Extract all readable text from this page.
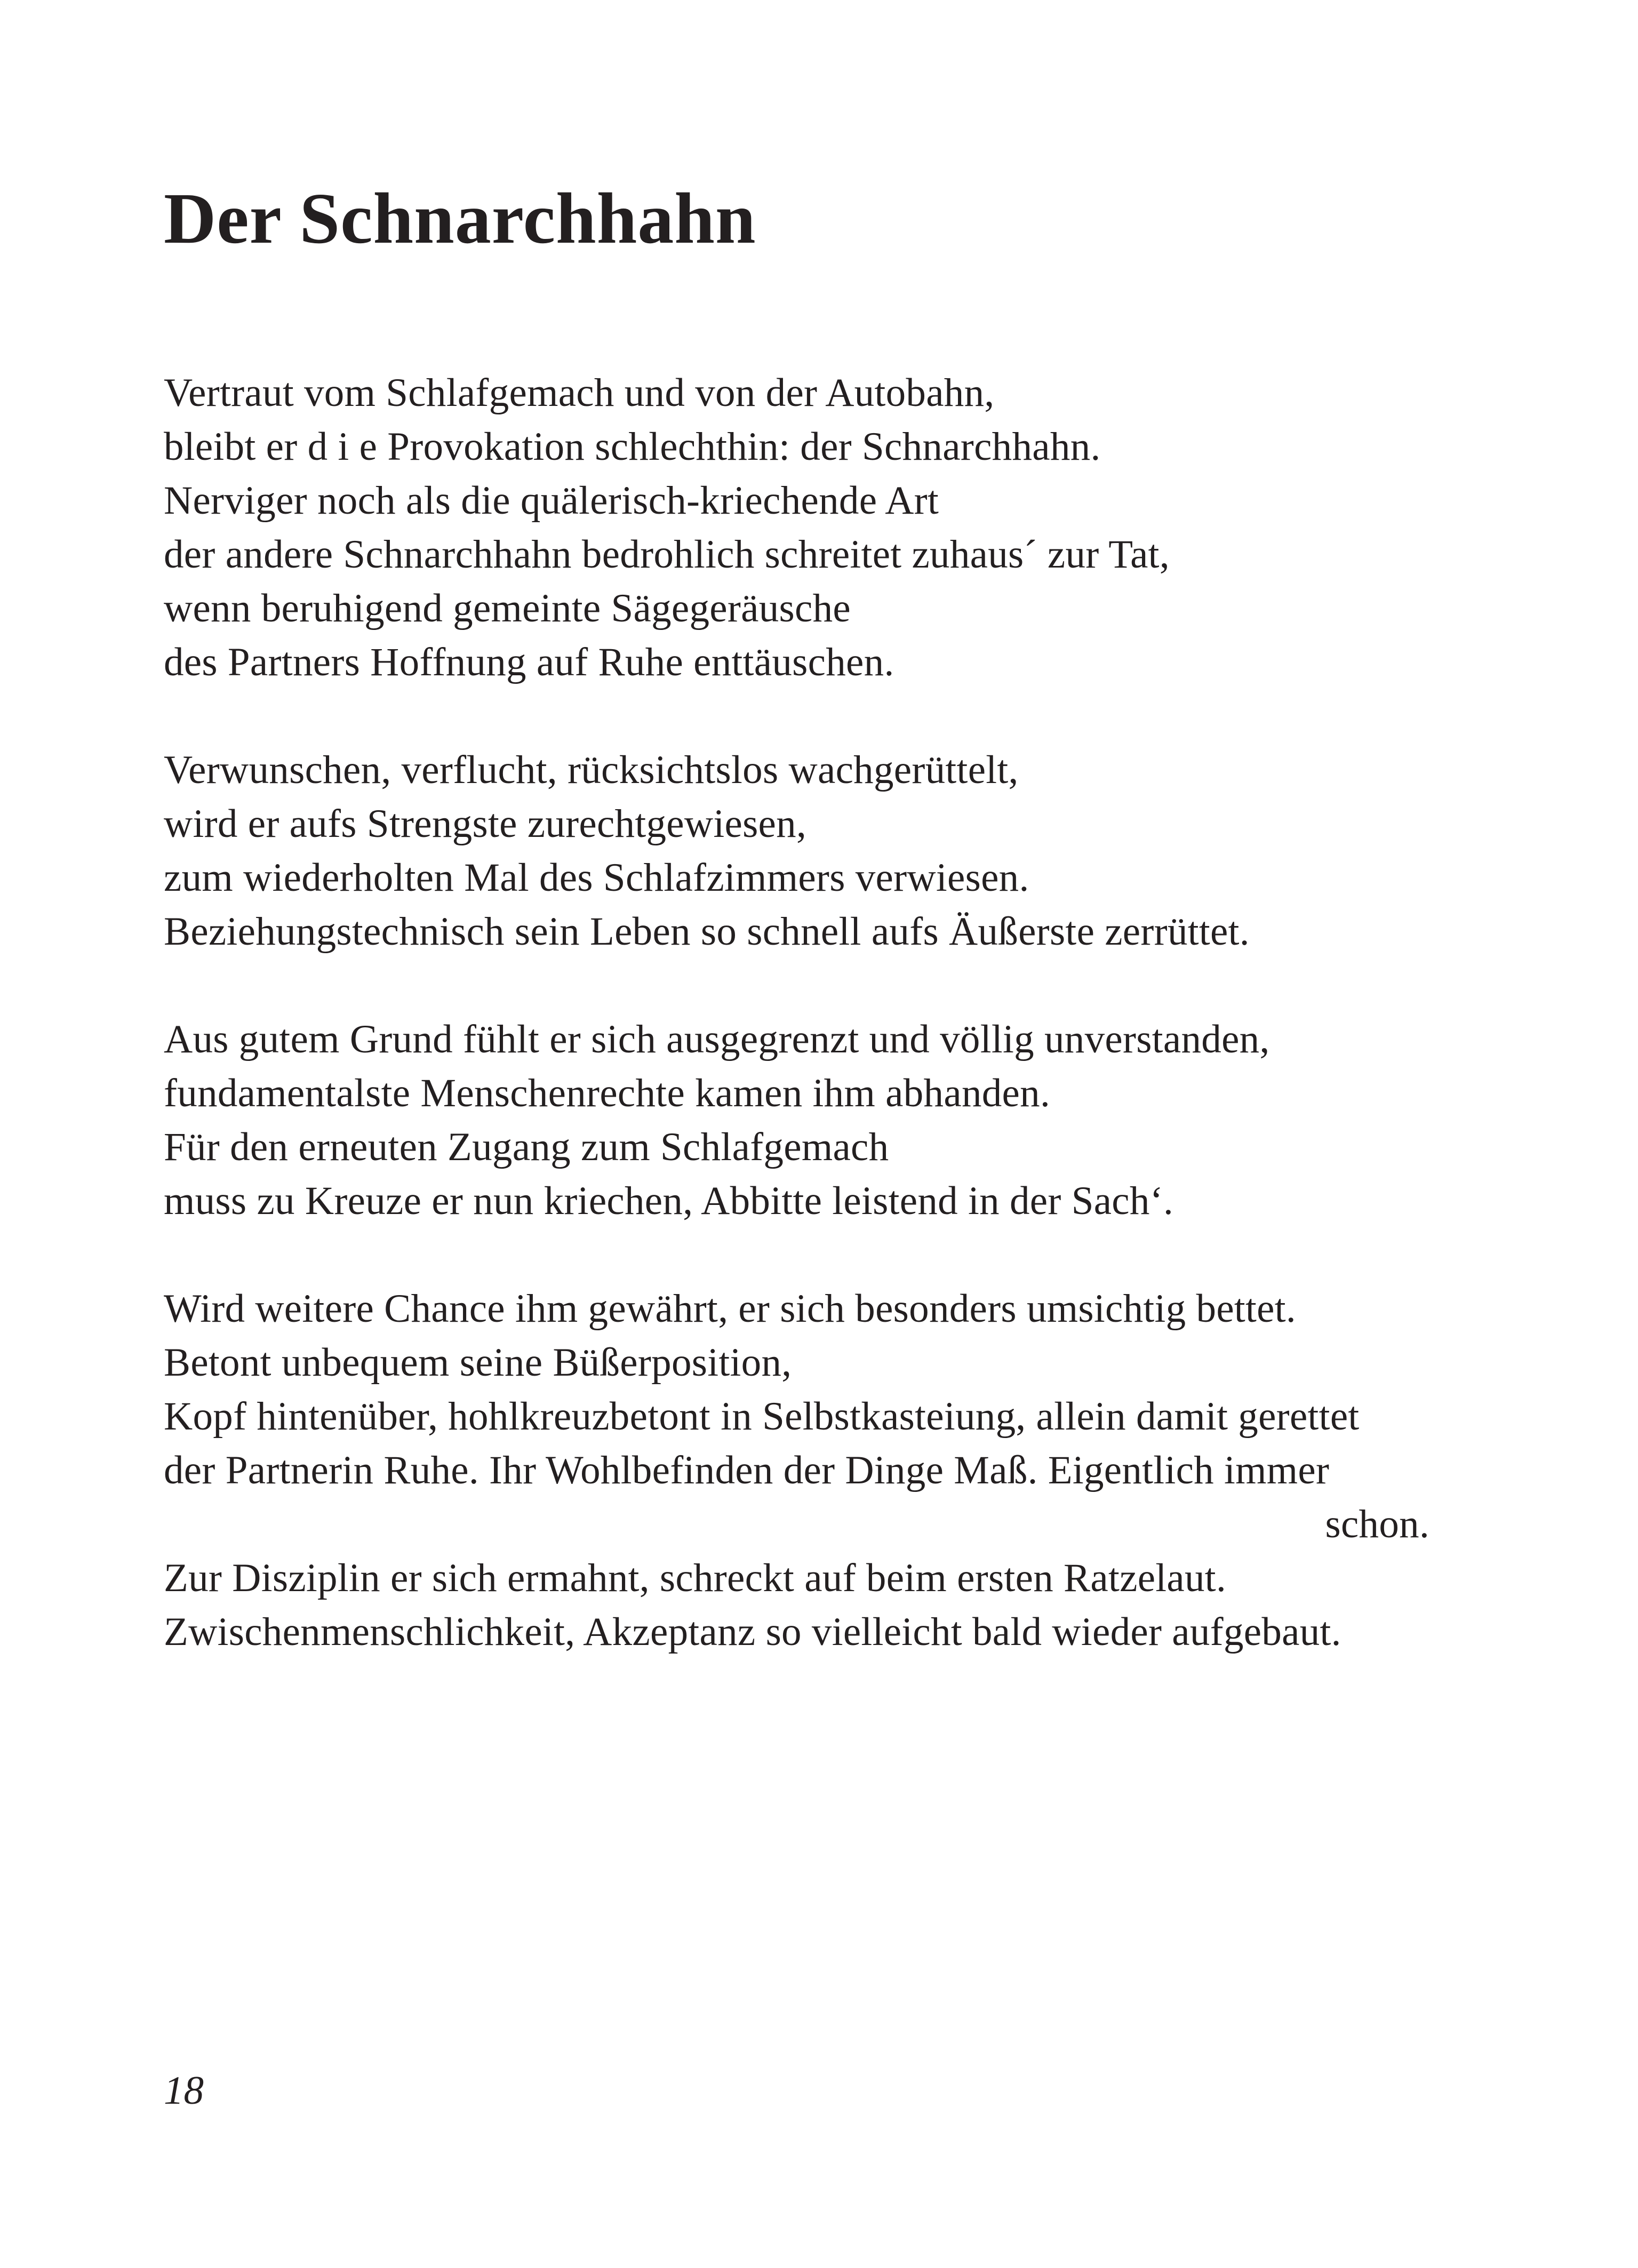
Der Schnarchhahn
Vertraut vom Schlafgemach und von der Autobahn,
bleibt er d i e Provokation schlechthin: der Schnarchhahn.
Nerviger noch als die quälerisch-kriechende Art
der andere Schnarchhahn bedrohlich schreitet zuhaus´ zur Tat,
wenn beruhigend gemeinte Sägegeräusche
des Partners Hoffnung auf Ruhe enttäuschen.
Verwunschen, verflucht, rücksichtslos wachgerüttelt,
wird er aufs Strengste zurechtgewiesen,
zum wiederholten Mal des Schlafzimmers verwiesen.
Beziehungstechnisch sein Leben so schnell aufs Äußerste zerrüttet.
Aus gutem Grund fühlt er sich ausgegrenzt und völlig unverstanden,
fundamentalste Menschenrechte kamen ihm abhanden.
Für den erneuten Zugang zum Schlafgemach
muss zu Kreuze er nun kriechen, Abbitte leistend in der Sach‘.
Wird weitere Chance ihm gewährt, er sich besonders umsichtig bettet.
Betont unbequem seine Büßerposition,
Kopf hintenüber, hohlkreuzbetont in Selbstkasteiung, allein damit gerettet
der Partnerin Ruhe. Ihr Wohlbefinden der Dinge Maß. Eigentlich immer
schon.
Zur Disziplin er sich ermahnt, schreckt auf beim ersten Ratzelaut.
Zwischenmenschlichkeit, Akzeptanz so vielleicht bald wieder aufgebaut.
18
